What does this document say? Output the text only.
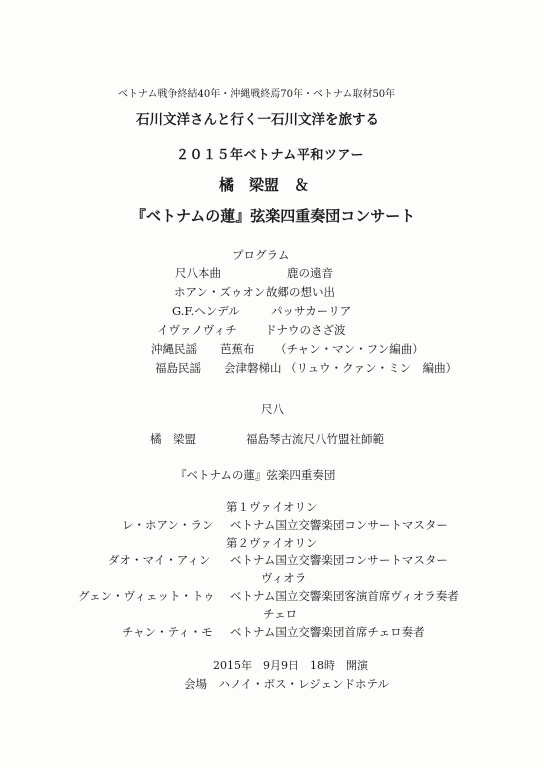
ベトナム戦争終結40年・沖縄戦終焉70年・ベトナム取材50年
石川文洋さんと行く一石川文洋を旅する
２０１５年ベトナム平和ツアー
橘　梁盟　＆
『ベトナムの蓮』弦楽四重奏団コンサート
プログラム
尺八本曲	鹿の遠音
ホアン・ズゥオン 故郷の想い出
G.F.ヘンデル	パッサカーリア
イヴァノヴィチ ドナウのさざ波
沖縄民謡　　芭蕉布 （チャン・マン・フン編曲）
福島民謡　　会津磐梯山 （リュウ・クァン・ミン　編曲）
尺八
橘　梁盟	福島琴古流尺八竹盟社師範
『ベトナムの蓮』弦楽四重奏団
第１ヴァイオリン
レ・ホアン・ラン ベトナム国立交響楽団コンサートマスター
第２ヴァイオリン
ダオ・マイ・アィン ベトナム国立交響楽団コンサートマスター
ヴィオラ
グェン・ヴィェット・トゥ ベトナム国立交響楽団客演首席ヴィオラ奏者
チェロ
チャン・ティ・モ ベトナム国立交響楽団首席チェロ奏者
2015年　9月9日　18時　開演
会場　ハノイ・ボス・レジェンドホテル
